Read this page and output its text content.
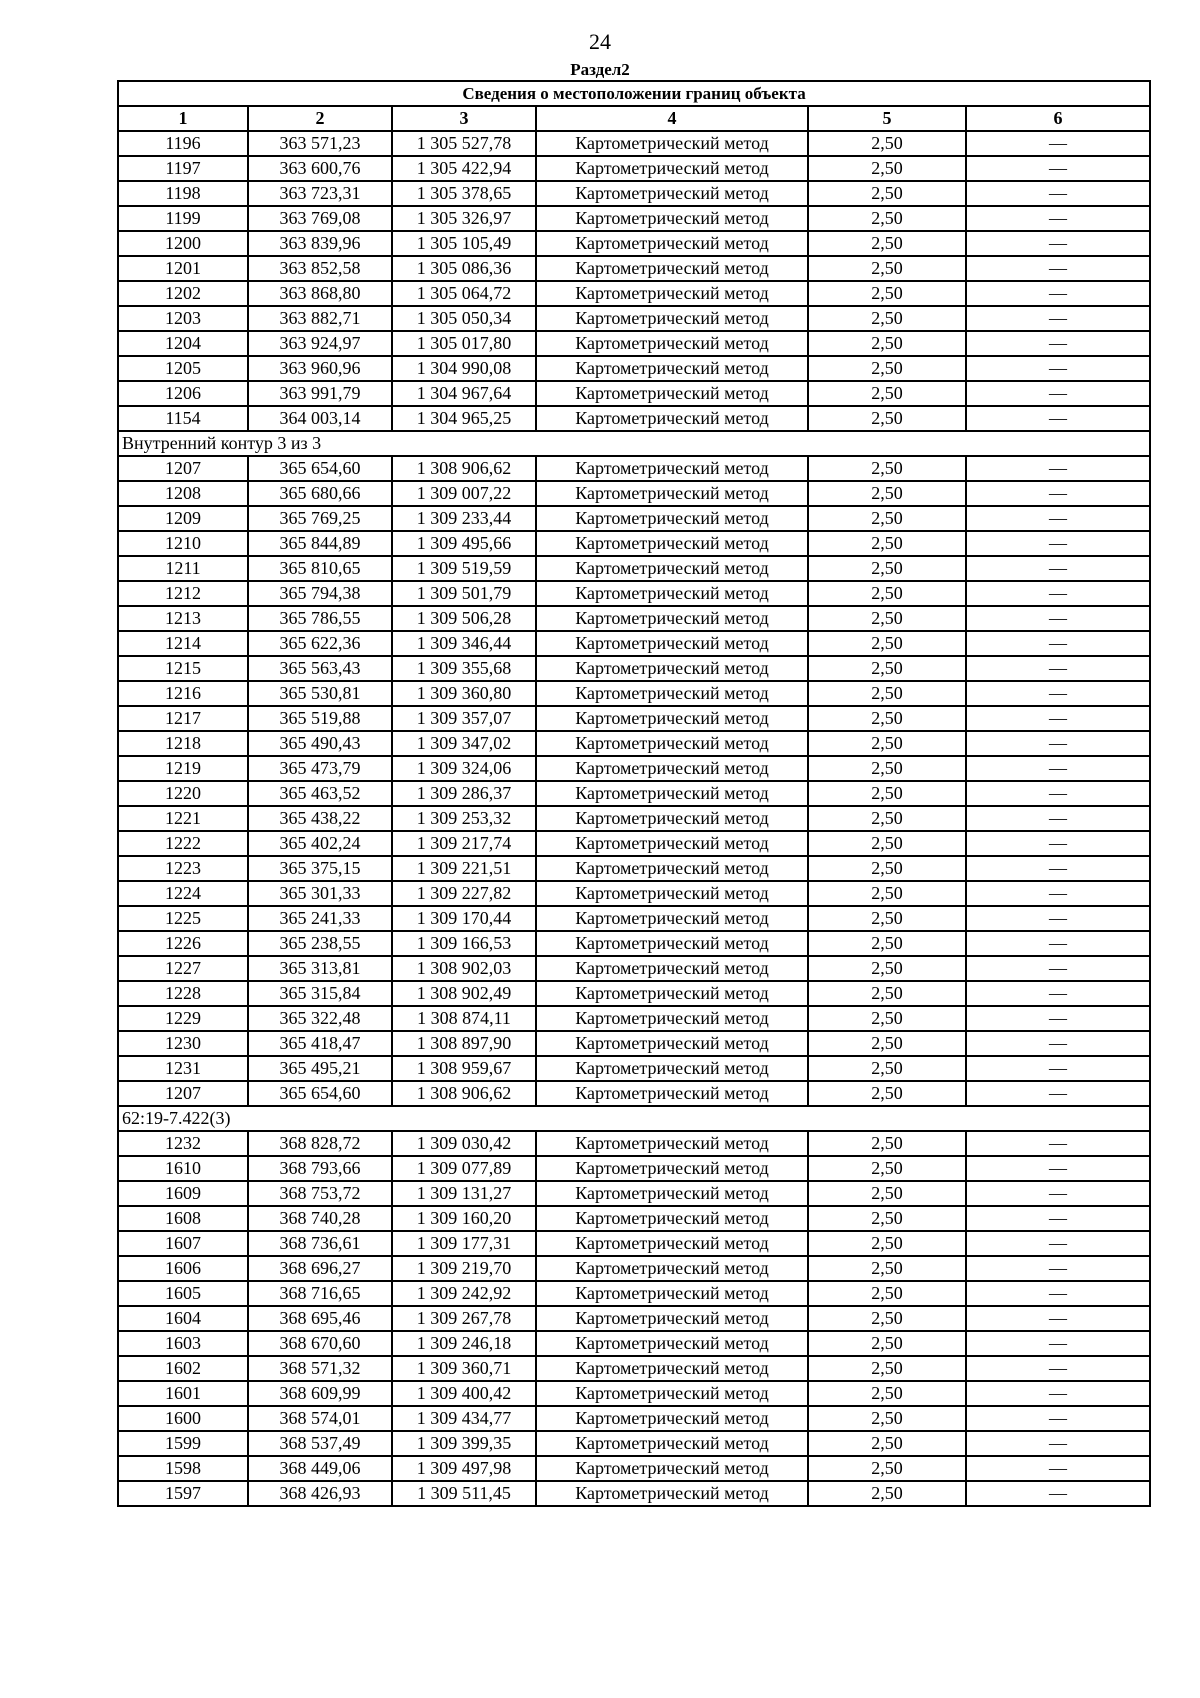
24
Раздел2
Сведения о местоположении границ объекта					
1	2	3	4	5	6
1196	363 571,23	1 305 527,78	Картометрический метод	2,50	—
1197	363 600,76	1 305 422,94	Картометрический метод	2,50	—
1198	363 723,31	1 305 378,65	Картометрический метод	2,50	—
1199	363 769,08	1 305 326,97	Картометрический метод	2,50	—
1200	363 839,96	1 305 105,49	Картометрический метод	2,50	—
1201	363 852,58	1 305 086,36	Картометрический метод	2,50	—
1202	363 868,80	1 305 064,72	Картометрический метод	2,50	—
1203	363 882,71	1 305 050,34	Картометрический метод	2,50	—
1204	363 924,97	1 305 017,80	Картометрический метод	2,50	—
1205	363 960,96	1 304 990,08	Картометрический метод	2,50	—
1206	363 991,79	1 304 967,64	Картометрический метод	2,50	—
1154	364 003,14	1 304 965,25	Картометрический метод	2,50	—
Внутренний контур 3 из 3					
1207	365 654,60	1 308 906,62	Картометрический метод	2,50	—
1208	365 680,66	1 309 007,22	Картометрический метод	2,50	—
1209	365 769,25	1 309 233,44	Картометрический метод	2,50	—
1210	365 844,89	1 309 495,66	Картометрический метод	2,50	—
1211	365 810,65	1 309 519,59	Картометрический метод	2,50	—
1212	365 794,38	1 309 501,79	Картометрический метод	2,50	—
1213	365 786,55	1 309 506,28	Картометрический метод	2,50	—
1214	365 622,36	1 309 346,44	Картометрический метод	2,50	—
1215	365 563,43	1 309 355,68	Картометрический метод	2,50	—
1216	365 530,81	1 309 360,80	Картометрический метод	2,50	—
1217	365 519,88	1 309 357,07	Картометрический метод	2,50	—
1218	365 490,43	1 309 347,02	Картометрический метод	2,50	—
1219	365 473,79	1 309 324,06	Картометрический метод	2,50	—
1220	365 463,52	1 309 286,37	Картометрический метод	2,50	—
1221	365 438,22	1 309 253,32	Картометрический метод	2,50	—
1222	365 402,24	1 309 217,74	Картометрический метод	2,50	—
1223	365 375,15	1 309 221,51	Картометрический метод	2,50	—
1224	365 301,33	1 309 227,82	Картометрический метод	2,50	—
1225	365 241,33	1 309 170,44	Картометрический метод	2,50	—
1226	365 238,55	1 309 166,53	Картометрический метод	2,50	—
1227	365 313,81	1 308 902,03	Картометрический метод	2,50	—
1228	365 315,84	1 308 902,49	Картометрический метод	2,50	—
1229	365 322,48	1 308 874,11	Картометрический метод	2,50	—
1230	365 418,47	1 308 897,90	Картометрический метод	2,50	—
1231	365 495,21	1 308 959,67	Картометрический метод	2,50	—
1207	365 654,60	1 308 906,62	Картометрический метод	2,50	—
62:19-7.422(3)					
1232	368 828,72	1 309 030,42	Картометрический метод	2,50	—
1610	368 793,66	1 309 077,89	Картометрический метод	2,50	—
1609	368 753,72	1 309 131,27	Картометрический метод	2,50	—
1608	368 740,28	1 309 160,20	Картометрический метод	2,50	—
1607	368 736,61	1 309 177,31	Картометрический метод	2,50	—
1606	368 696,27	1 309 219,70	Картометрический метод	2,50	—
1605	368 716,65	1 309 242,92	Картометрический метод	2,50	—
1604	368 695,46	1 309 267,78	Картометрический метод	2,50	—
1603	368 670,60	1 309 246,18	Картометрический метод	2,50	—
1602	368 571,32	1 309 360,71	Картометрический метод	2,50	—
1601	368 609,99	1 309 400,42	Картометрический метод	2,50	—
1600	368 574,01	1 309 434,77	Картометрический метод	2,50	—
1599	368 537,49	1 309 399,35	Картометрический метод	2,50	—
1598	368 449,06	1 309 497,98	Картометрический метод	2,50	—
1597	368 426,93	1 309 511,45	Картометрический метод	2,50	—
